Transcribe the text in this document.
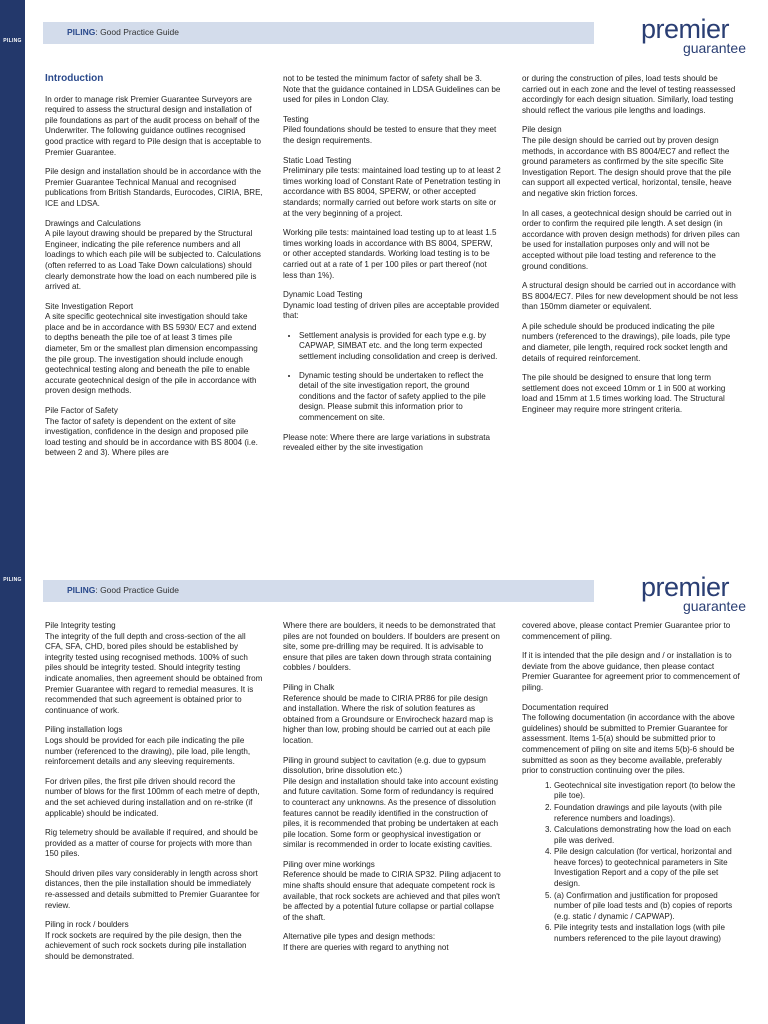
PILING
PILING
PILING: Good Practice Guide	premier
guarantee
Introduction

In order to manage risk Premier Guarantee Surveyors are required to assess the structural design and installation of pile foundations as part of the audit process on behalf of the Underwriter. The following guidance outlines recognised good practice with regard to Pile design that is acceptable to Premier Guarantee.

Pile design and installation should be in accordance with the Premier Guarantee Technical Manual and recognised publications from British Standards, Eurocodes, CIRIA, BRE, ICE and LDSA.

Drawings and Calculations
A pile layout drawing should be prepared by the Structural Engineer, indicating the pile reference numbers and all loadings to which each pile will be subjected to. Calculations (often referred to as Load Take Down calculations) should clearly demonstrate how the load on each numbered pile is arrived at.
Site Investigation Report
A site specific geotechnical site investigation should take place and be in accordance with BS 5930/ EC7 and extend to depths beneath the pile toe of at least 3 times pile diameter, 5m or the smallest plan dimension encompassing the pile group. The investigation should include enough geotechnical testing along and beneath the pile to enable accurate geotechnical design of the pile in accordance with proven design methods.
Pile Factor of Safety
The factor of safety is dependent on the extent of site investigation, confidence in the design and proposed pile load testing and should be in accordance with BS 8004 (i.e. between 2 and 3). Where piles are

not to be tested the minimum factor of safety shall be 3. Note that the guidance contained in LDSA Guidelines can be used for piles in London Clay.

Testing
Piled foundations should be tested to ensure that they meet the design requirements.
Static Load Testing
Preliminary pile tests: maintained load testing up to at least 2 times working load of Constant Rate of Penetration testing in accordance with BS 8004, SPERW, or other accepted standards; normally carried out before work starts on site or at the very beginning of a project.

Working pile tests: maintained load testing up to at least 1.5 times working loads in accordance with BS 8004, SPERW, or other accepted standards. Working load testing is to be carried out at a rate of 1 per 100 piles or part thereof (not less than 1%).

Dynamic Load Testing
Dynamic load testing of driven piles are acceptable provided that:
• Settlement analysis is provided for each type e.g. by CAPWAP, SIMBAT etc. and the long term expected settlement including consolidation and creep is derived.
• Dynamic testing should be undertaken to reflect the detail of the site investigation report, the ground conditions and the factor of safety applied to the pile design. Please submit this information prior to commencement on site.

Please note: Where there are large variations in substrata revealed either by the site investigation

or during the construction of piles, load tests should be carried out in each zone and the level of testing reassessed accordingly for each design situation. Similarly, load testing should reflect the various pile lengths and loadings.

Pile design
The pile design should be carried out by proven design methods, in accordance with BS 8004/EC7 and reflect the ground parameters as confirmed by the site specific Site Investigation Report. The design should prove that the pile can support all expected vertical, horizontal, tensile, heave and negative skin friction forces.

In all cases, a geotechnical design should be carried out in order to confirm the required pile length. A set design (in accordance with proven design methods) for driven piles can be used for installation purposes only and will not be accepted without pile load testing and reference to the ground conditions.

A structural design should be carried out in accordance with BS 8004/EC7. Piles for new development should be not less than 150mm diameter or equivalent.

A pile schedule should be produced indicating the pile numbers (referenced to the drawings), pile loads, pile type and diameter, pile length, required rock socket length and details of required reinforcement.

The pile should be designed to ensure that long term settlement does not exceed 10mm or 1 in 500 at working load and 15mm at 1.5 times working load. The Structural Engineer may require more stringent criteria.

PILING: Good Practice Guide	premier
guarantee
Pile Integrity testing
The integrity of the full depth and cross-section of the all CFA, SFA, CHD, bored piles should be established by integrity tested using recognised methods. 100% of such piles should be integrity tested. Should integrity testing indicate anomalies, then agreement should be obtained from Premier Guarantee with regard to remedial measures. It is recommended that such agreement is obtained prior to continuance of work.
Piling installation logs
Logs should be provided for each pile indicating the pile number (referenced to the drawing), pile load, pile length, reinforcement details and any sleeving requirements.

For driven piles, the first pile driven should record the number of blows for the first 100mm of each metre of depth, and the set achieved during installation and on re-strike (if applicable) should be indicated.

Rig telemetry should be available if required, and should be provided as a matter of course for projects with more than 150 piles.

Should driven piles vary considerably in length across short distances, then the pile installation should be immediately re-assessed and details submitted to Premier Guarantee for review.

Piling in rock / boulders
If rock sockets are required by the pile design, then the achievement of such rock sockets during pile installation should be demonstrated.

Where there are boulders, it needs to be demonstrated that piles are not founded on boulders. If boulders are present on site, some pre-drilling may be required. It is advisable to ensure that piles are taken down through strata containing cobbles / boulders.

Piling in Chalk
Reference should be made to CIRIA PR86 for pile design and installation. Where the risk of solution features as obtained from a Groundsure or Envirocheck hazard map is higher than low, probing should be carried out at each pile location.
Piling in ground subject to cavitation (e.g. due to gypsum dissolution, brine dissolution etc.)
Pile design and installation should take into account existing and future cavitation. Some form of redundancy is required to counteract any unknowns. As the presence of dissolution features cannot be readily identified in the construction of piles, it is recommended that probing be undertaken at each pile location. Some form or geophysical investigation or similar is recommended in order to locate existing cavities.
Piling over mine workings
Reference should be made to CIRIA SP32. Piling adjacent to mine shafts should ensure that adequate competent rock is available, that rock sockets are achieved and that piles won't be affected by a potential future collapse or partial collapse of the shaft.
Alternative pile types and design methods:
If there are queries with regard to anything not

covered above, please contact Premier Guarantee prior to commencement of piling.

If it is intended that the pile design and / or installation is to deviate from the above guidance, then please contact Premier Guarantee for agreement prior to commencement of piling.

Documentation required
The following documentation (in accordance with the above guidelines) should be submitted to Premier Guarantee for assessment. Items 1-5(a) should be submitted prior to commencement of piling on site and items 5(b)-6 should be submitted as soon as they become available, preferably prior to construction continuing over the piles.
1. Geotechnical site investigation report (to below the pile toe).
2. Foundation drawings and pile layouts (with pile reference numbers and loadings).
3. Calculations demonstrating how the load on each pile was derived.
4. Pile design calculation (for vertical, horizontal and heave forces) to geotechnical parameters in Site Investigation Report and a copy of the pile set design.
5. (a) Confirmation and justification for proposed number of pile load tests and (b) copies of reports (e.g. static / dynamic / CAPWAP).
6. Pile integrity tests and installation logs (with pile numbers referenced to the pile layout drawing)
